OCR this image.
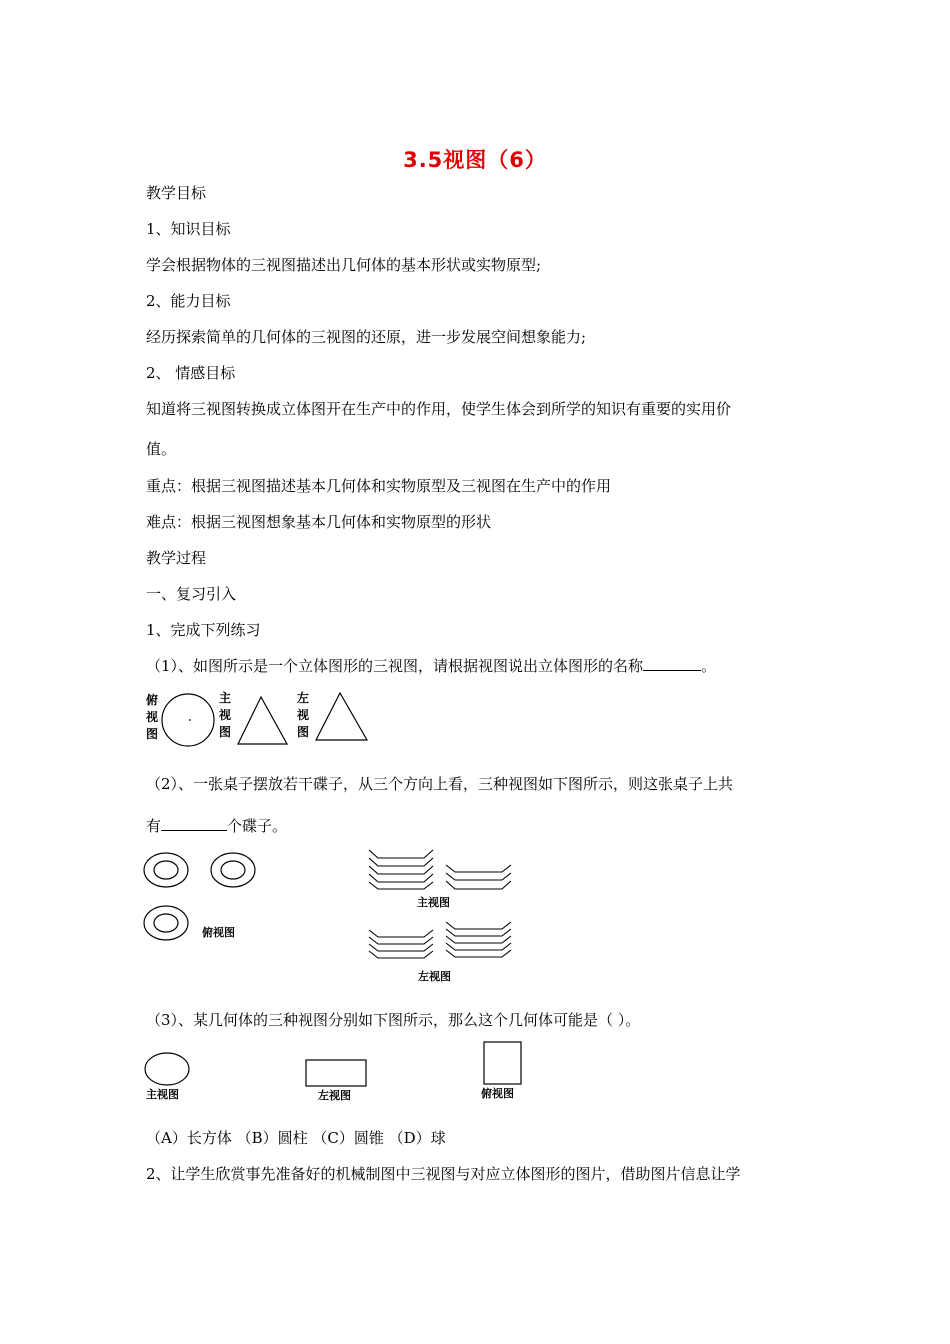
3.5视图（6）
教学目标
1、知识目标
学会根据物体的三视图描述出几何体的基本形状或实物原型;
2、能力目标
经历探索简单的几何体的三视图的还原，进一步发展空间想象能力;
2、 情感目标
知道将三视图转换成立体图开在生产中的作用，使学生体会到所学的知识有重要的实用价
值。
重点：根据三视图描述基本几何体和实物原型及三视图在生产中的作用
难点：根据三视图想象基本几何体和实物原型的形状
教学过程
一、复习引入
1、完成下列练习
（1）、如图所示是一个立体图形的三视图，请根据视图说出立体图形的名称	。
俯
视
图
主
视
图
左
视
图
（2）、一张桌子摆放若干碟子，从三个方向上看，三种视图如下图所示，则这张桌子上共
有	个碟子。
俯视图
主视图
左视图
（3）、某几何体的三种视图分别如下图所示，那么这个几何体可能是（ ）。
主视图	左视图	俯视图
（A）长方体 （B）圆柱 （C）圆锥 （D）球
2、让学生欣赏事先准备好的机械制图中三视图与对应立体图形的图片，借助图片信息让学
